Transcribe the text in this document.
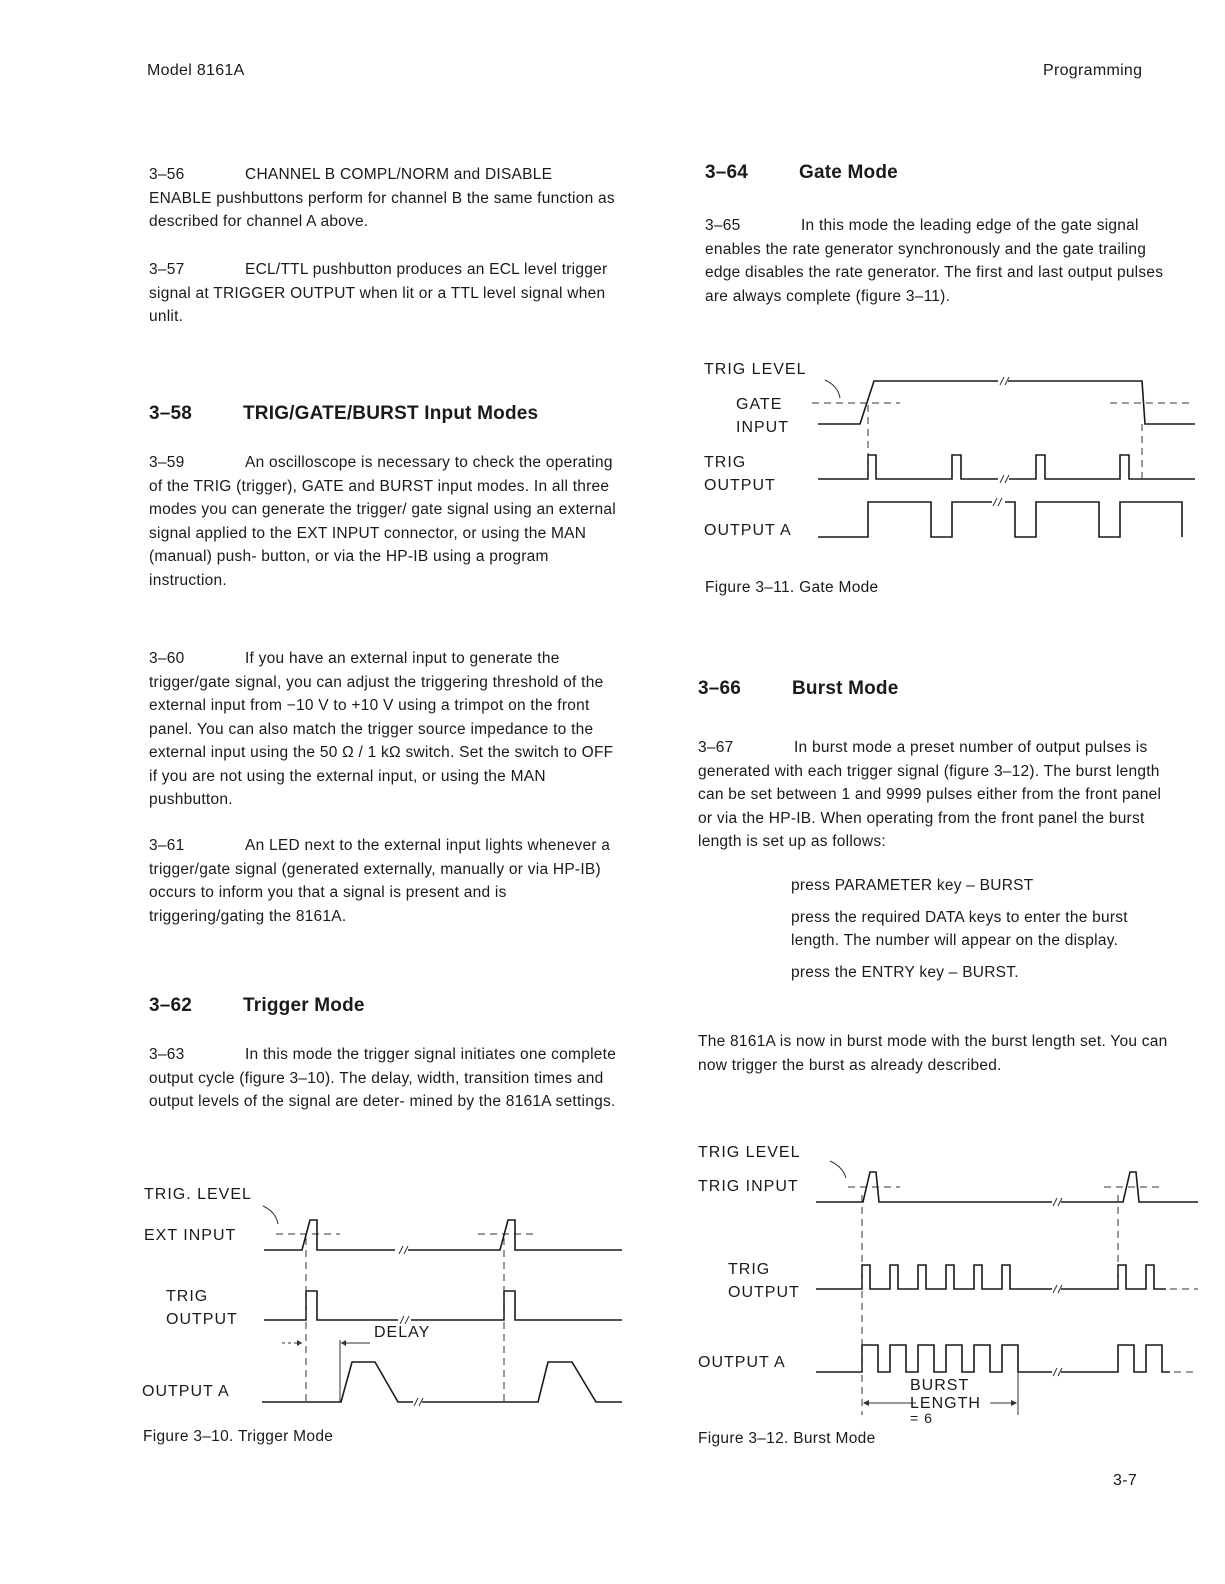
Model 8161A	Programming

3–56	CHANNEL B COMPL/NORM and DISABLE ENABLE pushbuttons perform for channel B the same function as described for channel A above.

3–57	ECL/TTL pushbutton produces an ECL level trigger signal at TRIGGER OUTPUT when lit or a TTL level signal when unlit.

3–58	TRIG/GATE/BURST Input Modes

3–59	An oscilloscope is necessary to check the operating of the TRIG (trigger), GATE and BURST input modes. In all three modes you can generate the trigger/ gate signal using an external signal applied to the EXT INPUT connector, or using the MAN (manual) push- button, or via the HP-IB using a program instruction.

3–60	If you have an external input to generate the trigger/gate signal, you can adjust the triggering threshold of the external input from −10 V to +10 V using a trimpot on the front panel. You can also match the trigger source impedance to the external input using the 50 Ω / 1 kΩ switch. Set the switch to OFF if you are not using the external input, or using the MAN pushbutton.

3–61	An LED next to the external input lights whenever a trigger/gate signal (generated externally, manually or via HP-IB) occurs to inform you that a signal is present and is triggering/gating the 8161A.

3–62	Trigger Mode

3–63	In this mode the trigger signal initiates one complete output cycle (figure 3–10). The delay, width, transition times and output levels of the signal are deter- mined by the 8161A settings.

TRIG. LEVEL
EXT INPUT
TRIG
OUTPUT
OUTPUT A
DELAY
Figure 3–10. Trigger Mode
3–64	Gate Mode

3–65	In this mode the leading edge of the gate signal enables the rate generator synchronously and the gate trailing edge disables the rate generator. The first and last output pulses are always complete (figure 3–11).

TRIG LEVEL
GATE
INPUT
TRIG
OUTPUT
OUTPUT A
Figure 3–11. Gate Mode
3–66	Burst Mode

3–67	In burst mode a preset number of output pulses is generated with each trigger signal (figure 3–12). The burst length can be set between 1 and 9999 pulses either from the front panel or via the HP-IB. When operating from the front panel the burst length is set up as follows:

press PARAMETER key – BURST

press the required DATA keys to enter the burst length. The number will appear on the display.

press the ENTRY key – BURST.

The 8161A is now in burst mode with the burst length set. You can now trigger the burst as already described.

TRIG LEVEL
TRIG INPUT
TRIG
OUTPUT
OUTPUT A
BURST
LENGTH
= 6
Figure 3–12. Burst Mode
3-7
